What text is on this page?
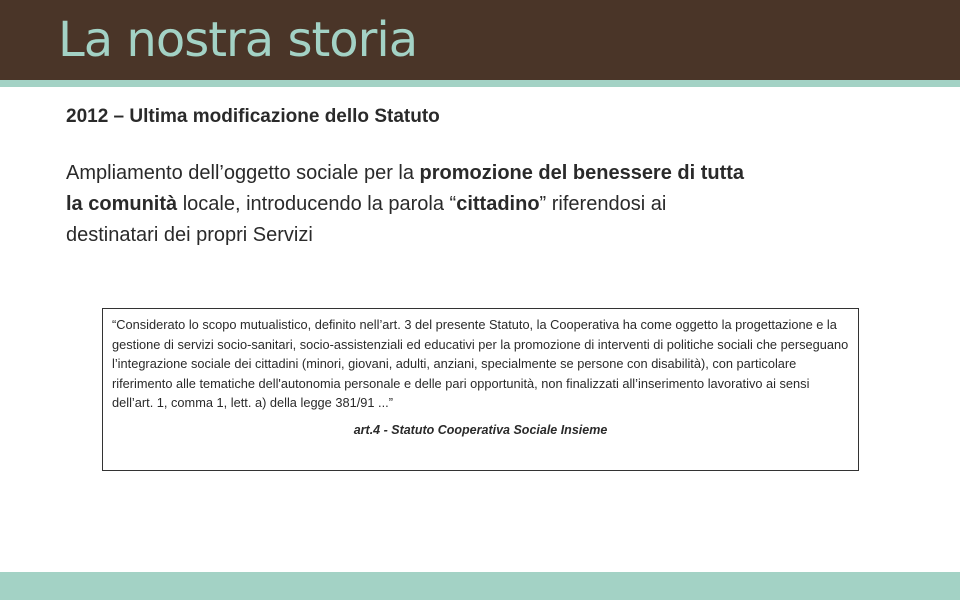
La nostra storia

2012 – Ultima modificazione dello Statuto

Ampliamento dell’oggetto sociale per la promozione del benessere di tutta
la comunità locale, introducendo la parola “cittadino” riferendosi ai
destinatari dei propri Servizi

“Considerato lo scopo mutualistico, definito nell’art. 3 del presente Statuto, la Cooperativa ha come oggetto la progettazione e la gestione di servizi socio-sanitari, socio-assistenziali ed educativi per la promozione di interventi di politiche sociali che perseguano l’integrazione sociale dei cittadini (minori, giovani, adulti, anziani, specialmente se persone con disabilità), con particolare riferimento alle tematiche dell'autonomia personale e delle pari opportunità, non finalizzati all’inserimento lavorativo ai sensi dell’art. 1, comma 1, lett. a) della legge 381/91 ...”

art.4 - Statuto Cooperativa Sociale Insieme
